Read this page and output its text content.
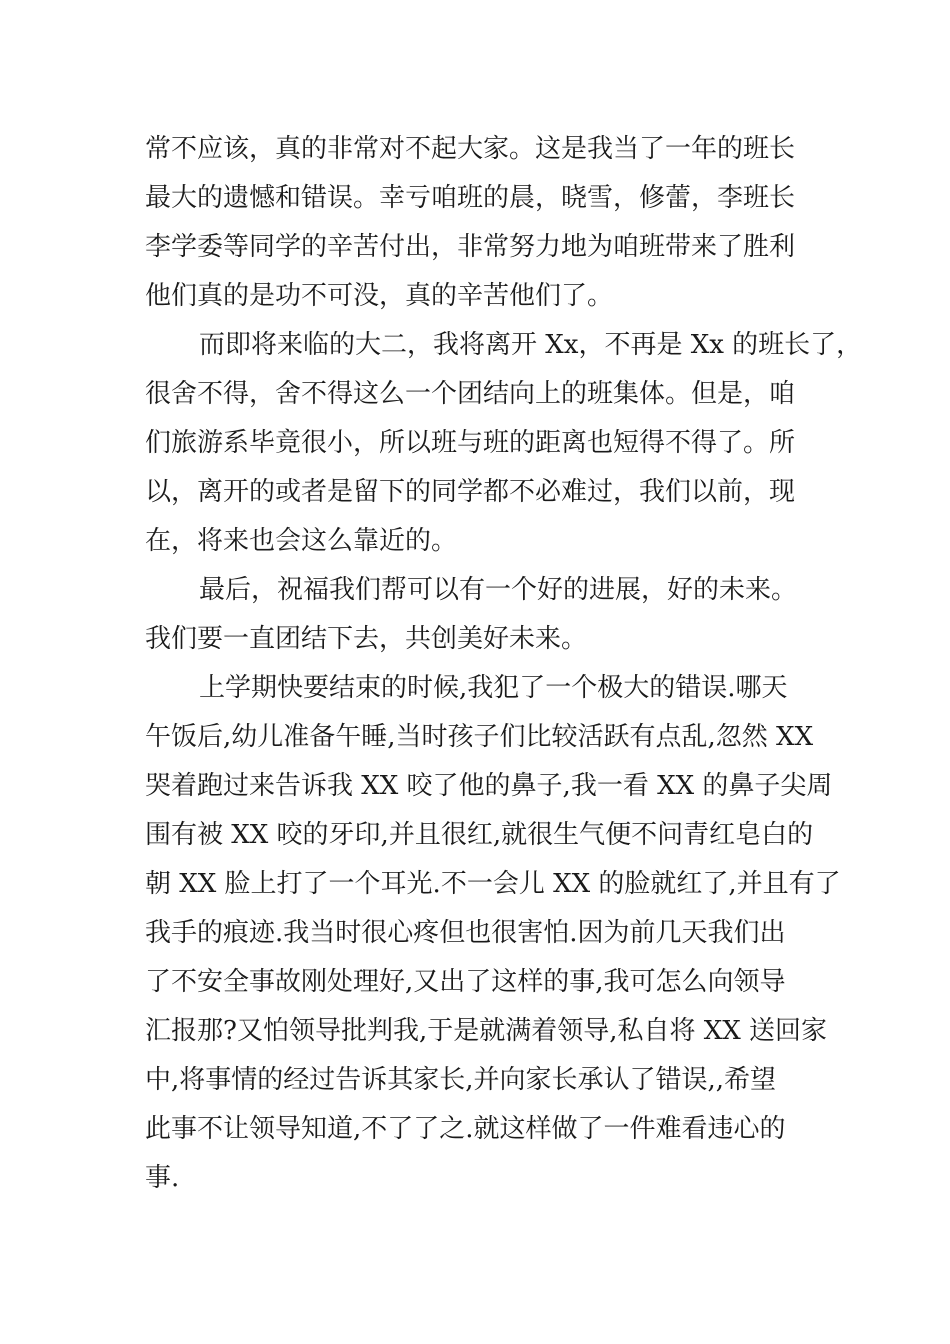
常不应该，真的非常对不起大家。这是我当了一年的班长
最大的遗憾和错误。幸亏咱班的晨，晓雪，修蕾，李班长
李学委等同学的辛苦付出，非常努力地为咱班带来了胜利
他们真的是功不可没，真的辛苦他们了。
而即将来临的大二，我将离开 Xx，不再是 Xx 的班长了，
很舍不得，舍不得这么一个团结向上的班集体。但是，咱
们旅游系毕竟很小，所以班与班的距离也短得不得了。所
以，离开的或者是留下的同学都不必难过，我们以前，现
在，将来也会这么靠近的。
最后，祝福我们帮可以有一个好的进展，好的未来。
我们要一直团结下去，共创美好未来。
上学期快要结束的时候,我犯了一个极大的错误.哪天
午饭后,幼儿准备午睡,当时孩子们比较活跃有点乱,忽然 XX
哭着跑过来告诉我 XX 咬了他的鼻子,我一看 XX 的鼻子尖周
围有被 XX 咬的牙印,并且很红,就很生气便不问青红皂白的
朝 XX 脸上打了一个耳光.不一会儿 XX 的脸就红了,并且有了
我手的痕迹.我当时很心疼但也很害怕.因为前几天我们出
了不安全事故刚处理好,又出了这样的事,我可怎么向领导
汇报那?又怕领导批判我,于是就满着领导,私自将 XX 送回家
中,将事情的经过告诉其家长,并向家长承认了错误,,希望
此事不让领导知道,不了了之.就这样做了一件难看违心的
事.
